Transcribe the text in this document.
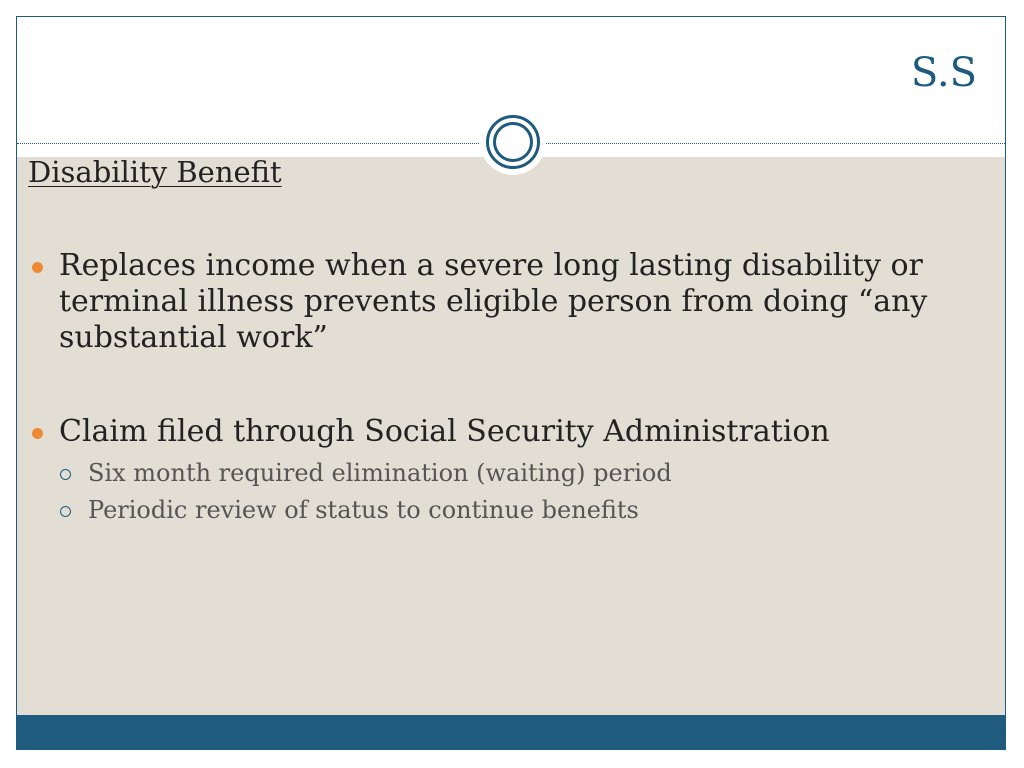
S.S
Disability Benefit
Replaces income when a severe long lasting disability or terminal illness prevents eligible person from doing “any substantial work”
Claim filed through Social Security Administration
Six month required elimination (waiting) period
Periodic review of status to continue benefits
